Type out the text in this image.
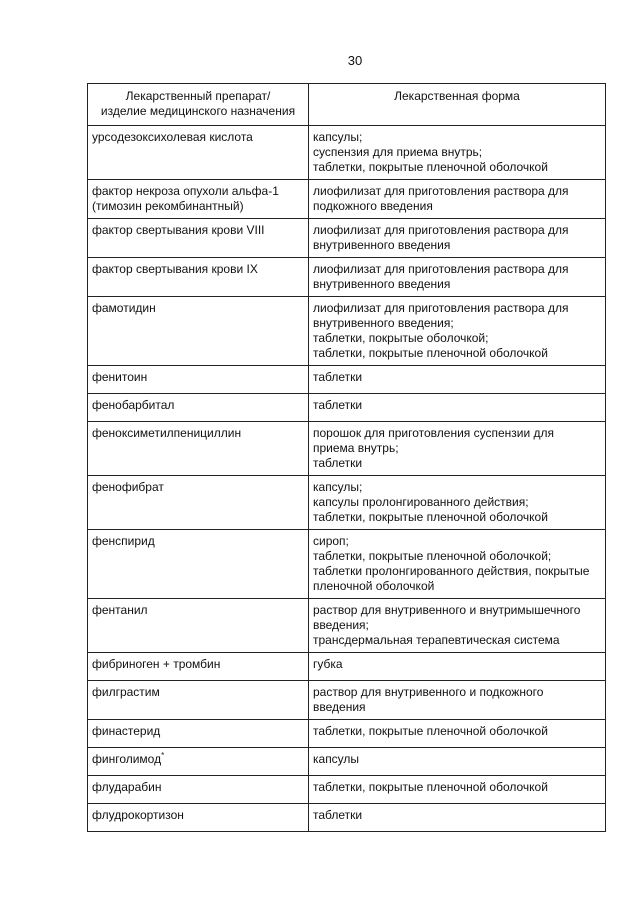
30
Лекарственный препарат/
изделие медицинского назначения	Лекарственная форма

урсодезоксихолевая кислота	капсулы;
суспензия для приема внутрь;
таблетки, покрытые пленочной оболочкой

фактор некроза опухоли альфа-1
(тимозин рекомбинантный)	лиофилизат для приготовления раствора для
подкожного введения

фактор свертывания крови VIII	лиофилизат для приготовления раствора для
внутривенного введения

фактор свертывания крови IX	лиофилизат для приготовления раствора для
внутривенного введения

фамотидин	лиофилизат для приготовления раствора для
внутривенного введения;
таблетки, покрытые оболочкой;
таблетки, покрытые пленочной оболочкой

фенитоин	таблетки

фенобарбитал	таблетки

феноксиметилпенициллин	порошок для приготовления суспензии для
приема внутрь;
таблетки

фенофибрат	капсулы;
капсулы пролонгированного действия;
таблетки, покрытые пленочной оболочкой

фенспирид	сироп;
таблетки, покрытые пленочной оболочкой;
таблетки пролонгированного действия, покрытые
пленочной оболочкой

фентанил	раствор для внутривенного и внутримышечного
введения;
трансдермальная терапевтическая система

фибриноген + тромбин	губка

филграстим	раствор для внутривенного и подкожного
введения

финастерид	таблетки, покрытые пленочной оболочкой

финголимод*	капсулы

флударабин	таблетки, покрытые пленочной оболочкой

флудрокортизон	таблетки
